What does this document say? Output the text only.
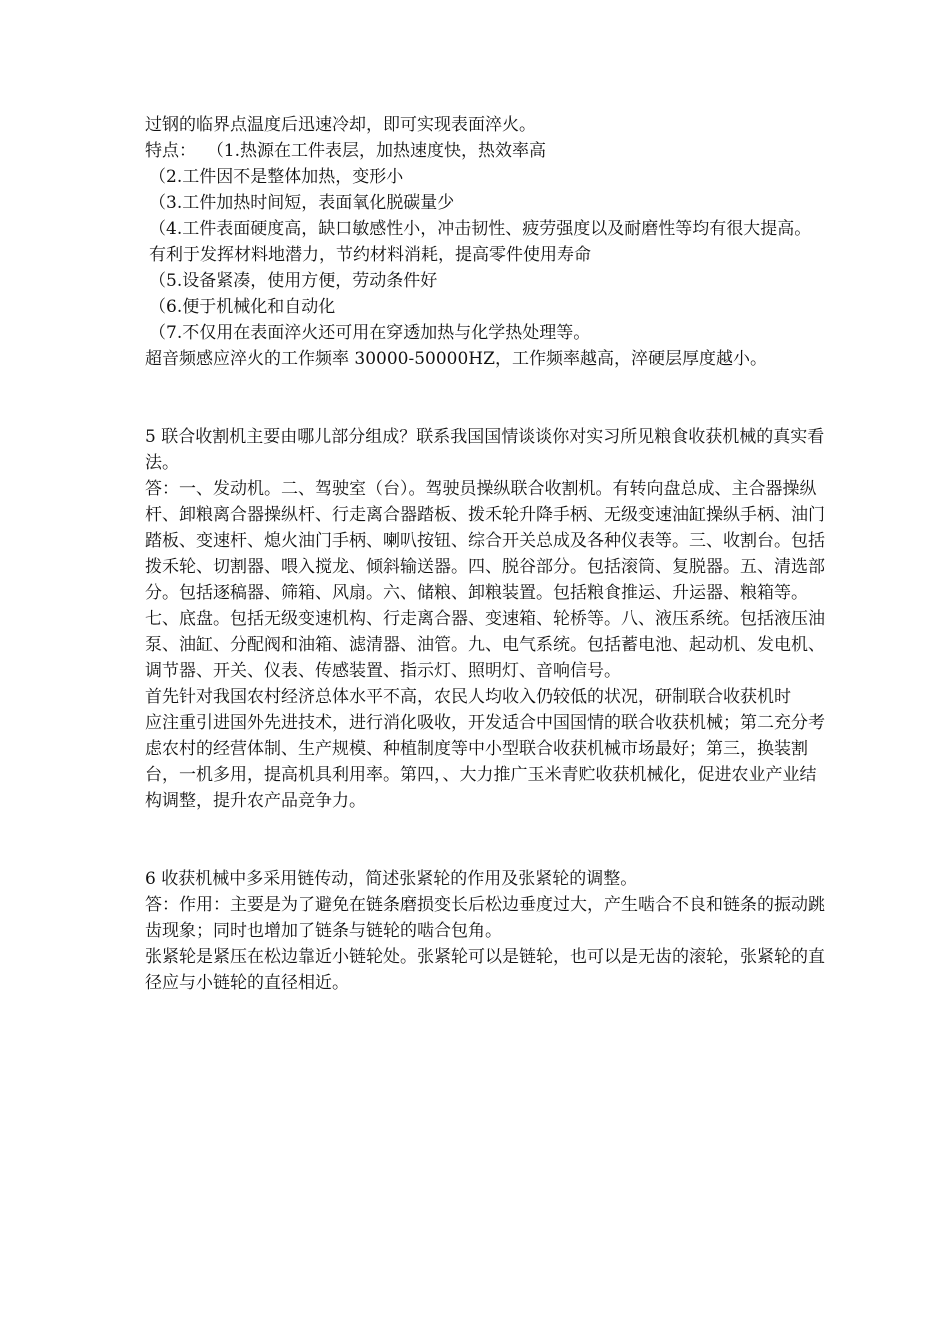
过钢的临界点温度后迅速冷却，即可实现表面淬火。

特点： （1.热源在工件表层，加热速度快，热效率高

（2.工件因不是整体加热，变形小

（3.工件加热时间短，表面氧化脱碳量少

（4.工件表面硬度高，缺口敏感性小，冲击韧性、疲劳强度以及耐磨性等均有很大提高。有利于发挥材料地潜力，节约材料消耗，提高零件使用寿命

（5.设备紧凑，使用方便，劳动条件好

（6.便于机械化和自动化

（7.不仅用在表面淬火还可用在穿透加热与化学热处理等。

超音频感应淬火的工作频率 30000-50000HZ，工作频率越高，淬硬层厚度越小。

5 联合收割机主要由哪儿部分组成？联系我国国情谈谈你对实习所见粮食收获机械的真实看法。

答：一、发动机。二、驾驶室（台）。驾驶员操纵联合收割机。有转向盘总成、主合器操纵杆、卸粮离合器操纵杆、行走离合器踏板、拨禾轮升降手柄、无级变速油缸操纵手柄、油门踏板、变速杆、熄火油门手柄、喇叭按钮、综合开关总成及各种仪表等。三、收割台。包括拨禾轮、切割器、喂入搅龙、倾斜输送器。四、脱谷部分。包括滚筒、复脱器。五、清选部分。包括逐稿器、筛箱、风扇。六、储粮、卸粮装置。包括粮食推运、升运器、粮箱等。七、底盘。包括无级变速机构、行走离合器、变速箱、轮桥等。八、液压系统。包括液压油泵、油缸、分配阀和油箱、滤清器、油管。九、电气系统。包括蓄电池、起动机、发电机、调节器、开关、仪表、传感装置、指示灯、照明灯、音响信号。

首先针对我国农村经济总体水平不高，农民人均收入仍较低的状况，研制联合收获机时

应注重引进国外先进技术，进行消化吸收，开发适合中国国情的联合收获机械；第二充分考虑农村的经营体制、生产规模、种植制度等中小型联合收获机械市场最好；第三，换装割台，一机多用，提高机具利用率。第四，、大力推广玉米青贮收获机械化，促进农业产业结构调整，提升农产品竞争力。

6 收获机械中多采用链传动，简述张紧轮的作用及张紧轮的调整。

答：作用：主要是为了避免在链条磨损变长后松边垂度过大，产生啮合不良和链条的振动跳齿现象；同时也增加了链条与链轮的啮合包角。

张紧轮是紧压在松边靠近小链轮处。张紧轮可以是链轮，也可以是无齿的滚轮，张紧轮的直径应与小链轮的直径相近。
